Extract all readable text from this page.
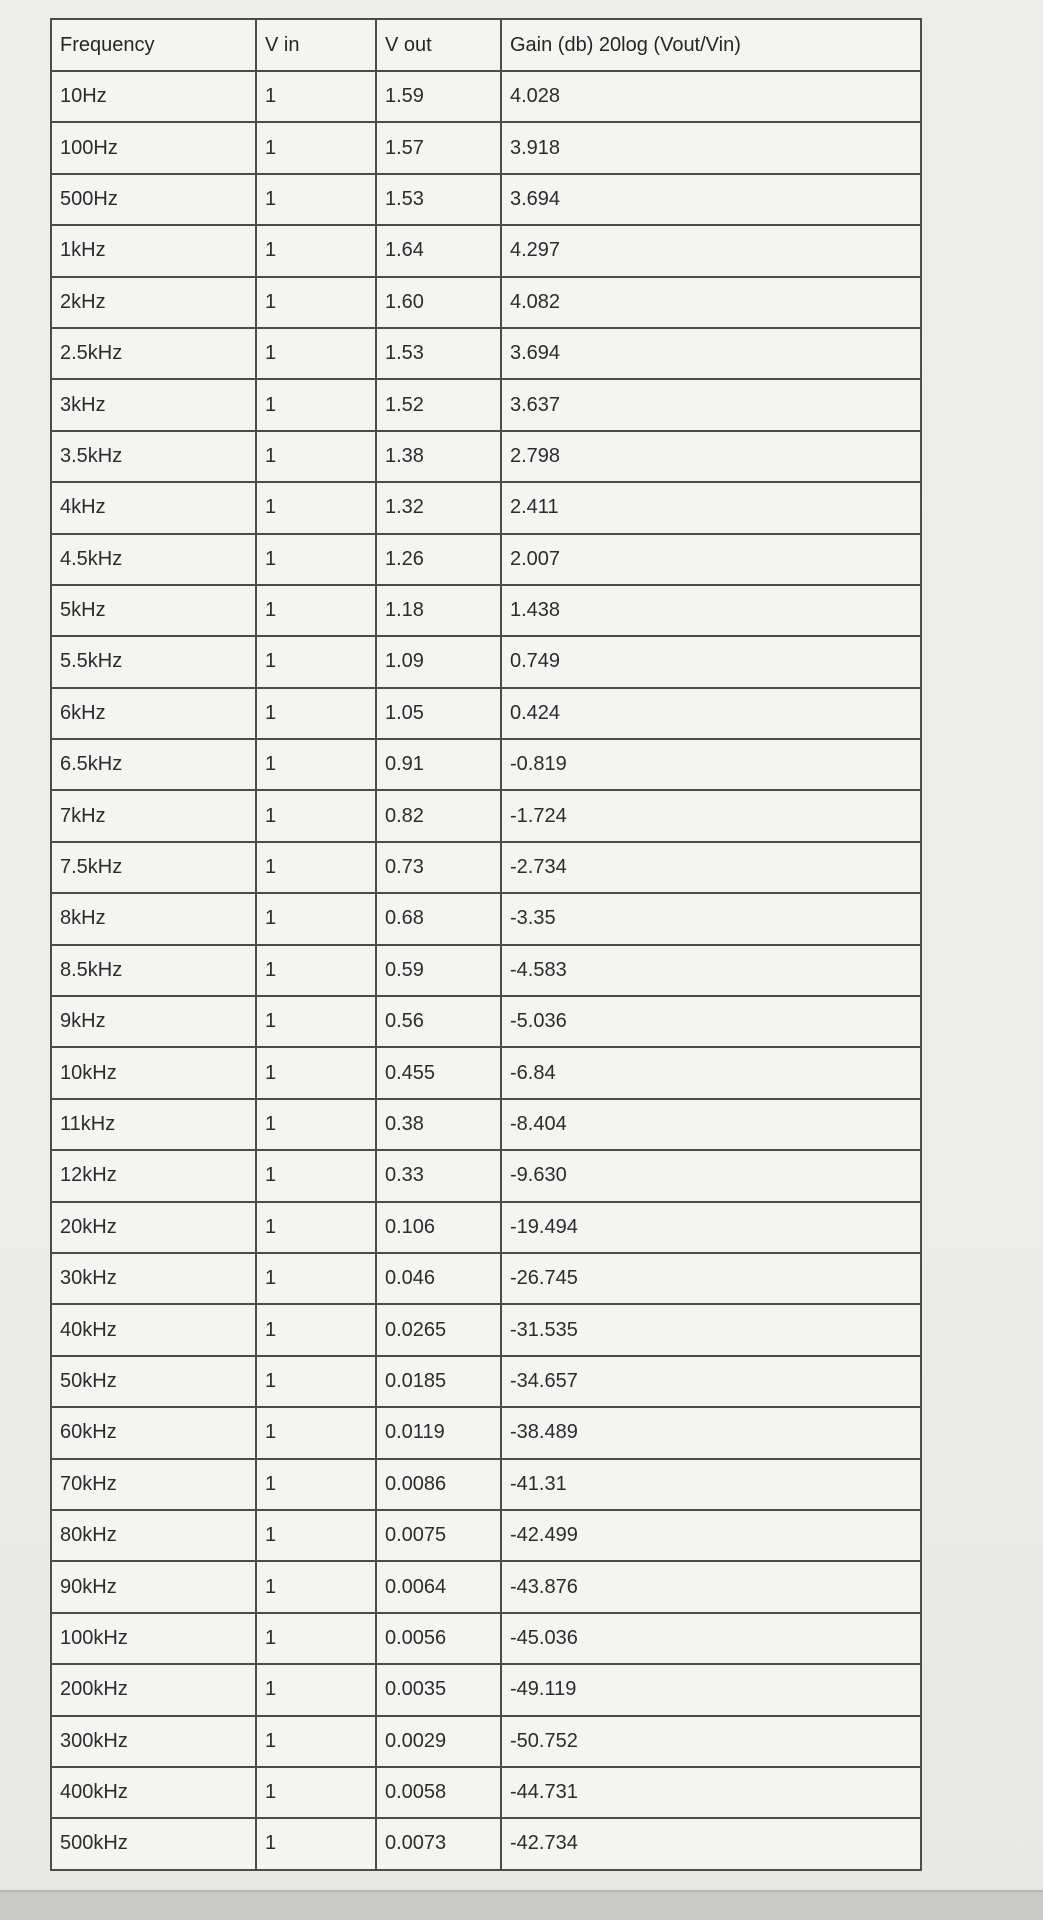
Frequency	V in	V out	Gain (db) 20log (Vout/Vin)
10Hz	1	1.59	4.028
100Hz	1	1.57	3.918
500Hz	1	1.53	3.694
1kHz	1	1.64	4.297
2kHz	1	1.60	4.082
2.5kHz	1	1.53	3.694
3kHz	1	1.52	3.637
3.5kHz	1	1.38	2.798
4kHz	1	1.32	2.411
4.5kHz	1	1.26	2.007
5kHz	1	1.18	1.438
5.5kHz	1	1.09	0.749
6kHz	1	1.05	0.424
6.5kHz	1	0.91	-0.819
7kHz	1	0.82	-1.724
7.5kHz	1	0.73	-2.734
8kHz	1	0.68	-3.35
8.5kHz	1	0.59	-4.583
9kHz	1	0.56	-5.036
10kHz	1	0.455	-6.84
11kHz	1	0.38	-8.404
12kHz	1	0.33	-9.630
20kHz	1	0.106	-19.494
30kHz	1	0.046	-26.745
40kHz	1	0.0265	-31.535
50kHz	1	0.0185	-34.657
60kHz	1	0.0119	-38.489
70kHz	1	0.0086	-41.31
80kHz	1	0.0075	-42.499
90kHz	1	0.0064	-43.876
100kHz	1	0.0056	-45.036
200kHz	1	0.0035	-49.119
300kHz	1	0.0029	-50.752
400kHz	1	0.0058	-44.731
500kHz	1	0.0073	-42.734
